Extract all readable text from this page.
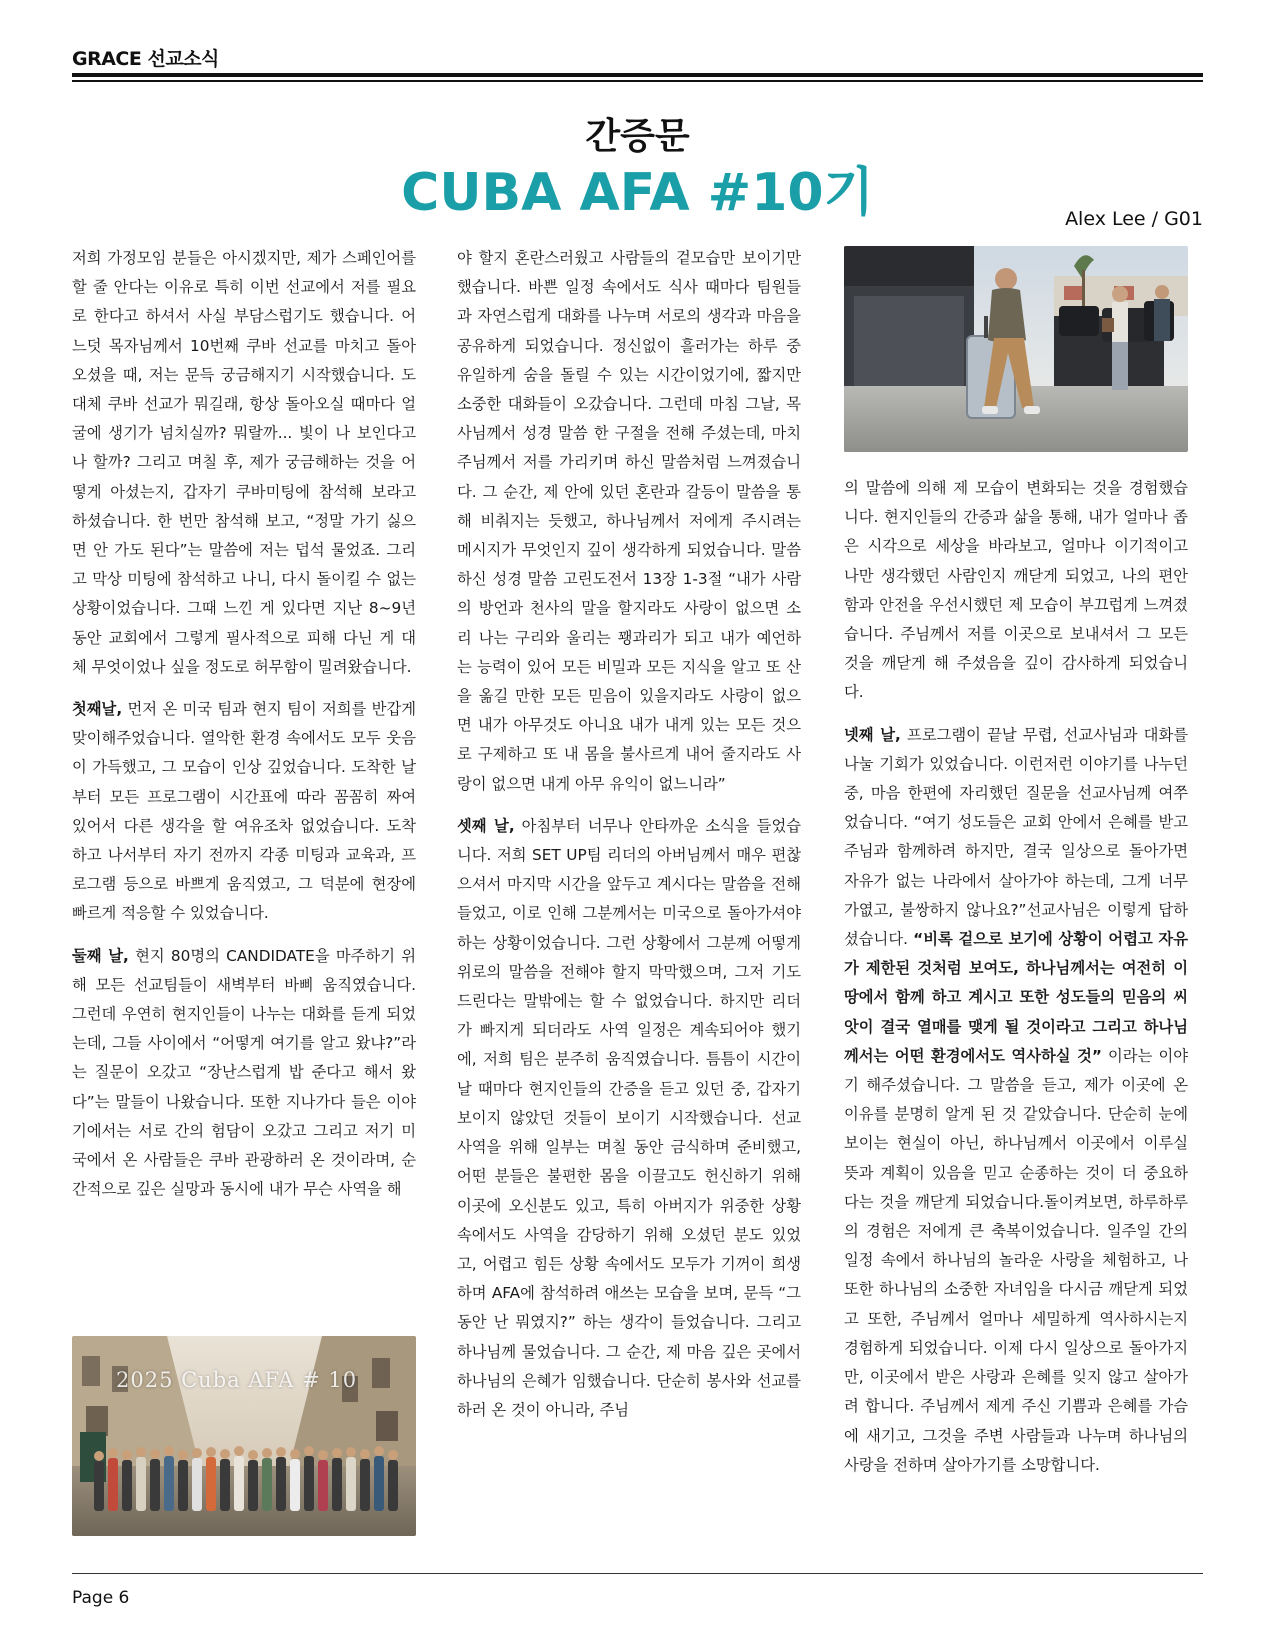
GRACE 선교소식
간증문
CUBA AFA #10기	Alex Lee / G01

저희 가정모임 분들은 아시겠지만, 제가 스페인어를 할 줄 안다는 이유로 특히 이번 선교에서 저를 필요로 한다고 하셔서 사실 부담스럽기도 했습니다. 어느덧 목자님께서 10번째 쿠바 선교를 마치고 돌아오셨을 때, 저는 문득 궁금해지기 시작했습니다. 도대체 쿠바 선교가 뭐길래, 항상 돌아오실 때마다 얼굴에 생기가 넘치실까? 뭐랄까... 빛이 나 보인다고 나 할까? 그리고 며칠 후, 제가 궁금해하는 것을 어떻게 아셨는지, 갑자기 쿠바미팅에 참석해 보라고 하셨습니다. 한 번만 참석해 보고, “정말 가기 싫으면 안 가도 된다”는 말씀에 저는 덥석 물었죠. 그리고 막상 미팅에 참석하고 나니, 다시 돌이킬 수 없는 상황이었습니다. 그때 느낀 게 있다면 지난 8~9년 동안 교회에서 그렇게 필사적으로 피해 다닌 게 대체 무엇이었나 싶을 정도로 허무함이 밀려왔습니다.

첫째날, 먼저 온 미국 팀과 현지 팀이 저희를 반갑게 맞이해주었습니다. 열악한 환경 속에서도 모두 웃음이 가득했고, 그 모습이 인상 깊었습니다. 도착한 날부터 모든 프로그램이 시간표에 따라 꼼꼼히 짜여 있어서 다른 생각을 할 여유조차 없었습니다. 도착하고 나서부터 자기 전까지 각종 미팅과 교육과, 프로그램 등으로 바쁘게 움직였고, 그 덕분에 현장에 빠르게 적응할 수 있었습니다.

둘째 날, 현지 80명의 CANDIDATE을 마주하기 위해 모든 선교팀들이 새벽부터 바삐 움직였습니다. 그런데 우연히 현지인들이 나누는 대화를 듣게 되었는데, 그들 사이에서 “어떻게 여기를 알고 왔냐?”라는 질문이 오갔고 “장난스럽게 밥 준다고 해서 왔다”는 말들이 나왔습니다. 또한 지나가다 들은 이야기에서는 서로 간의 험담이 오갔고 그리고 저기 미국에서 온 사람들은 쿠바 관광하러 온 것이라며, 순간적으로 깊은 실망과 동시에 내가 무슨 사역을 해

2025 Cuba AFA # 10

야 할지 혼란스러웠고 사람들의 겉모습만 보이기만 했습니다. 바쁜 일정 속에서도 식사 때마다 팀원들과 자연스럽게 대화를 나누며 서로의 생각과 마음을 공유하게 되었습니다. 정신없이 흘러가는 하루 중 유일하게 숨을 돌릴 수 있는 시간이었기에, 짧지만 소중한 대화들이 오갔습니다. 그런데 마침 그날, 목사님께서 성경 말씀 한 구절을 전해 주셨는데, 마치 주님께서 저를 가리키며 하신 말씀처럼 느껴졌습니다. 그 순간, 제 안에 있던 혼란과 갈등이 말씀을 통해 비춰지는 듯했고, 하나님께서 저에게 주시려는 메시지가 무엇인지 깊이 생각하게 되었습니다. 말씀하신 성경 말씀 고린도전서 13장 1-3절 “내가 사람의 방언과 천사의 말을 할지라도 사랑이 없으면 소리 나는 구리와 울리는 꽹과리가 되고 내가 예언하는 능력이 있어 모든 비밀과 모든 지식을 알고 또 산을 옮길 만한 모든 믿음이 있을지라도 사랑이 없으면 내가 아무것도 아니요 내가 내게 있는 모든 것으로 구제하고 또 내 몸을 불사르게 내어 줄지라도 사랑이 없으면 내게 아무 유익이 없느니라”

셋째 날, 아침부터 너무나 안타까운 소식을 들었습니다. 저희 SET UP팀 리더의 아버님께서 매우 편찮으셔서 마지막 시간을 앞두고 계시다는 말씀을 전해 들었고, 이로 인해 그분께서는 미국으로 돌아가셔야 하는 상황이었습니다. 그런 상황에서 그분께 어떻게 위로의 말씀을 전해야 할지 막막했으며, 그저 기도 드린다는 말밖에는 할 수 없었습니다. 하지만 리더가 빠지게 되더라도 사역 일정은 계속되어야 했기에, 저희 팀은 분주히 움직였습니다. 틈틈이 시간이 날 때마다 현지인들의 간증을 듣고 있던 중, 갑자기 보이지 않았던 것들이 보이기 시작했습니다. 선교 사역을 위해 일부는 며칠 동안 금식하며 준비했고, 어떤 분들은 불편한 몸을 이끌고도 헌신하기 위해 이곳에 오신분도 있고, 특히 아버지가 위중한 상황 속에서도 사역을 감당하기 위해 오셨던 분도 있었고, 어렵고 힘든 상황 속에서도 모두가 기꺼이 희생하며 AFA에 참석하려 애쓰는 모습을 보며, 문득 “그동안 난 뭐였지?” 하는 생각이 들었습니다. 그리고 하나님께 물었습니다. 그 순간, 제 마음 깊은 곳에서 하나님의 은혜가 임했습니다. 단순히 봉사와 선교를 하러 온 것이 아니라, 주님

의 말씀에 의해 제 모습이 변화되는 것을 경험했습니다. 현지인들의 간증과 삶을 통해, 내가 얼마나 좁은 시각으로 세상을 바라보고, 얼마나 이기적이고 나만 생각했던 사람인지 깨닫게 되었고, 나의 편안함과 안전을 우선시했던 제 모습이 부끄럽게 느껴졌습니다. 주님께서 저를 이곳으로 보내셔서 그 모든 것을 깨닫게 해 주셨음을 깊이 감사하게 되었습니다.

넷째 날, 프로그램이 끝날 무렵, 선교사님과 대화를 나눌 기회가 있었습니다. 이런저런 이야기를 나누던 중, 마음 한편에 자리했던 질문을 선교사님께 여쭈었습니다. “여기 성도들은 교회 안에서 은혜를 받고 주님과 함께하려 하지만, 결국 일상으로 돌아가면 자유가 없는 나라에서 살아가야 하는데, 그게 너무 가엾고, 불쌍하지 않나요?”선교사님은 이렇게 답하셨습니다. “비록 겉으로 보기에 상황이 어렵고 자유가 제한된 것처럼 보여도, 하나님께서는 여전히 이 땅에서 함께 하고 계시고 또한 성도들의 믿음의 씨앗이 결국 열매를 맺게 될 것이라고 그리고 하나님께서는 어떤 환경에서도 역사하실 것” 이라는 이야기 해주셨습니다. 그 말씀을 듣고, 제가 이곳에 온 이유를 분명히 알게 된 것 같았습니다. 단순히 눈에 보이는 현실이 아닌, 하나님께서 이곳에서 이루실 뜻과 계획이 있음을 믿고 순종하는 것이 더 중요하다는 것을 깨닫게 되었습니다.돌이켜보면, 하루하루의 경험은 저에게 큰 축복이었습니다. 일주일 간의 일정 속에서 하나님의 놀라운 사랑을 체험하고, 나 또한 하나님의 소중한 자녀임을 다시금 깨닫게 되었고 또한, 주님께서 얼마나 세밀하게 역사하시는지 경험하게 되었습니다. 이제 다시 일상으로 돌아가지만, 이곳에서 받은 사랑과 은혜를 잊지 않고 살아가려 합니다. 주님께서 제게 주신 기쁨과 은혜를 가슴에 새기고, 그것을 주변 사람들과 나누며 하나님의 사랑을 전하며 살아가기를 소망합니다.

Page 6
